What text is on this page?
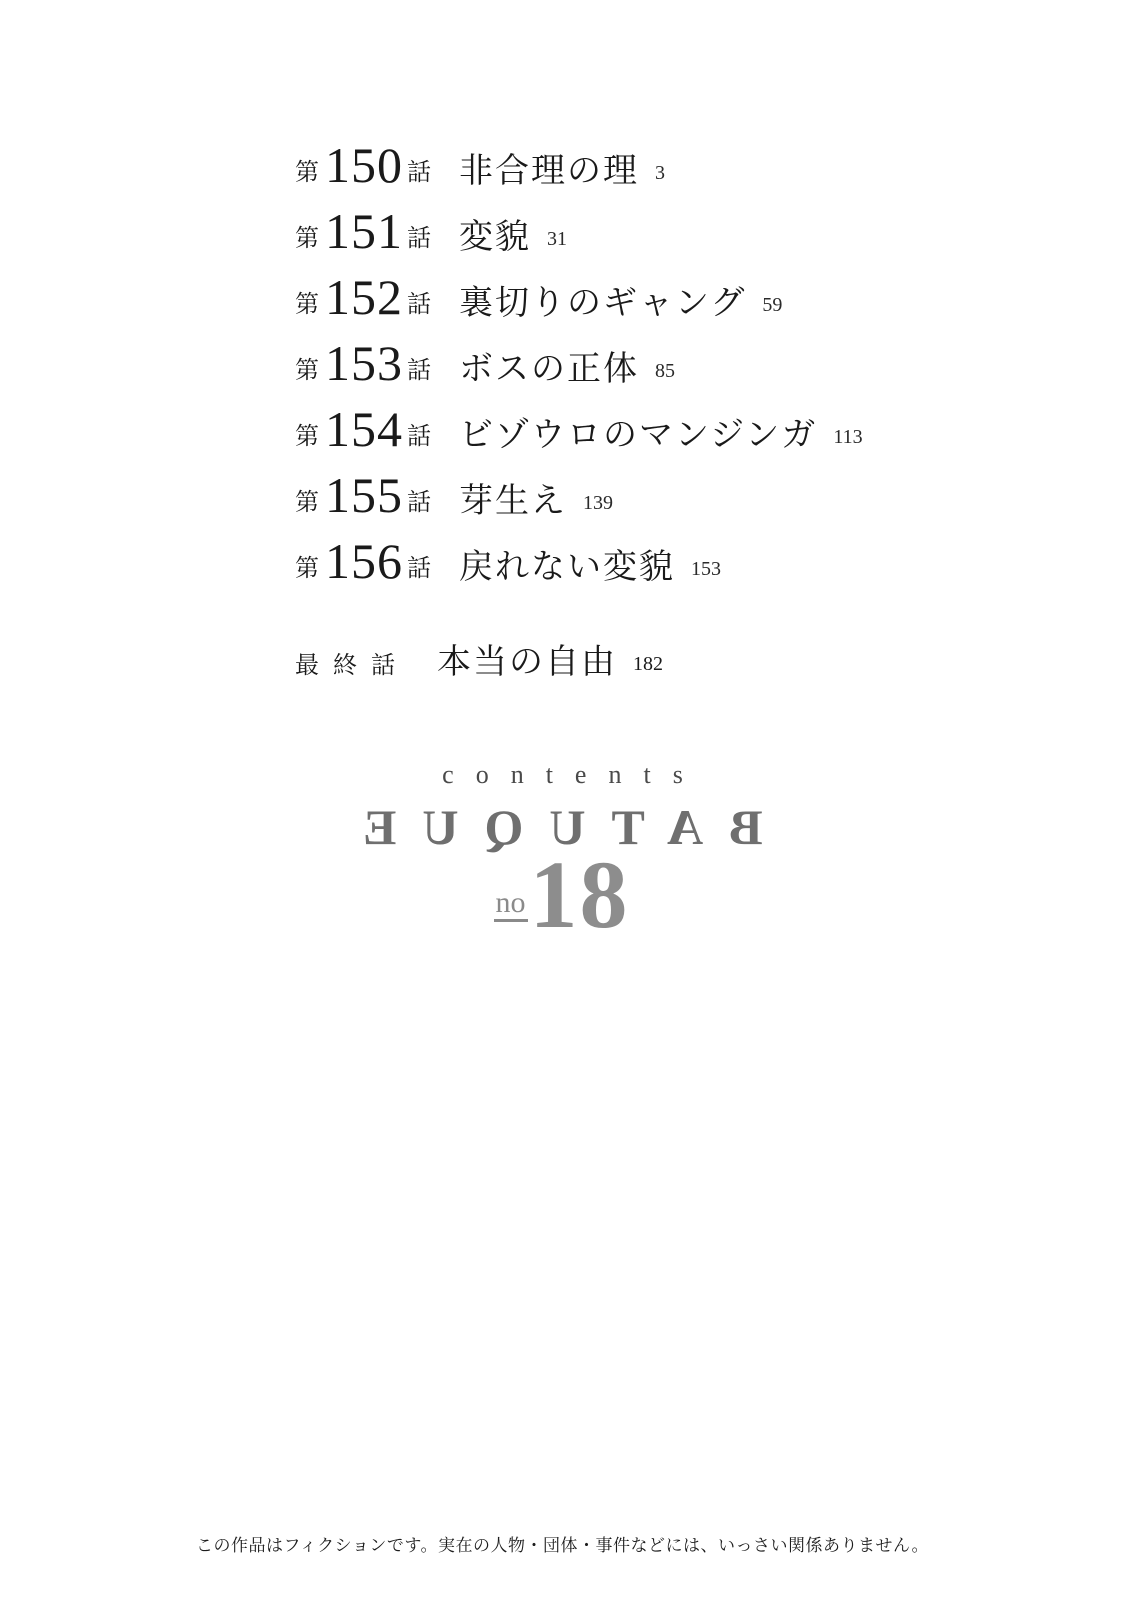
第 150 話 非合理の理 3
第 151 話 変貌 31
第 152 話 裏切りのギャング 59
第 153 話 ボスの正体 85
第 154 話 ビゾウロのマンジンガ 113
第 155 話 芽生え 139
第 156 話 戻れない変貌 153
最終話 本当の自由 182
contents
BATUQUE
no 18
この作品はフィクションです。実在の人物・団体・事件などには、いっさい関係ありません。
